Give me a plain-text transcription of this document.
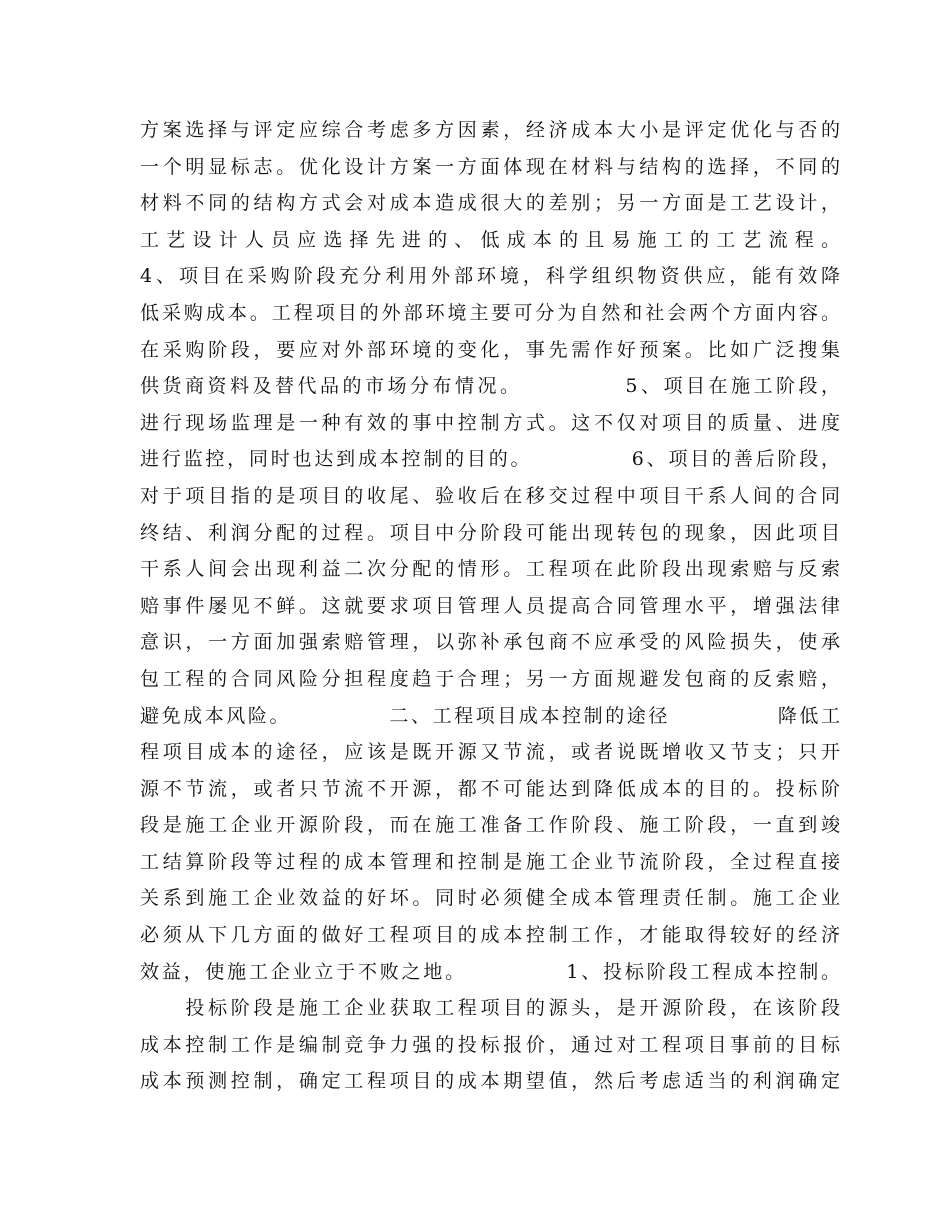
方案选择与评定应综合考虑多方因素，经济成本大小是评定优化与否的
一个明显标志。优化设计方案一方面体现在材料与结构的选择，不同的
材料不同的结构方式会对成本造成很大的差别；另一方面是工艺设计，
工艺设计人员应选择先进的、低成本的且易施工的工艺流程。
4、项目在采购阶段充分利用外部环境，科学组织物资供应，能有效降
低采购成本。工程项目的外部环境主要可分为自然和社会两个方面内容。
在采购阶段，要应对外部环境的变化，事先需作好预案。比如广泛搜集
供货商资料及替代品的市场分布情况。　　　　　5、项目在施工阶段，
进行现场监理是一种有效的事中控制方式。这不仅对项目的质量、进度
进行监控，同时也达到成本控制的目的。　　　　　6、项目的善后阶段，
对于项目指的是项目的收尾、验收后在移交过程中项目干系人间的合同
终结、利润分配的过程。项目中分阶段可能出现转包的现象，因此项目
干系人间会出现利益二次分配的情形。工程项在此阶段出现索赔与反索
赔事件屡见不鲜。这就要求项目管理人员提高合同管理水平，增强法律
意识，一方面加强索赔管理，以弥补承包商不应承受的风险损失，使承
包工程的合同风险分担程度趋于合理；另一方面规避发包商的反索赔，
避免成本风险。　　　　　二、工程项目成本控制的途径　　　　　降低工
程项目成本的途径，应该是既开源又节流，或者说既增收又节支；只开
源不节流，或者只节流不开源，都不可能达到降低成本的目的。投标阶
段是施工企业开源阶段，而在施工准备工作阶段、施工阶段，一直到竣
工结算阶段等过程的成本管理和控制是施工企业节流阶段，全过程直接
关系到施工企业效益的好坏。同时必须健全成本管理责任制。施工企业
必须从下几方面的做好工程项目的成本控制工作，才能取得较好的经济
效益，使施工企业立于不败之地。　　　　　1、投标阶段工程成本控制。
　　投标阶段是施工企业获取工程项目的源头，是开源阶段，在该阶段
成本控制工作是编制竞争力强的投标报价，通过对工程项目事前的目标
成本预测控制，确定工程项目的成本期望值，然后考虑适当的利润确定
